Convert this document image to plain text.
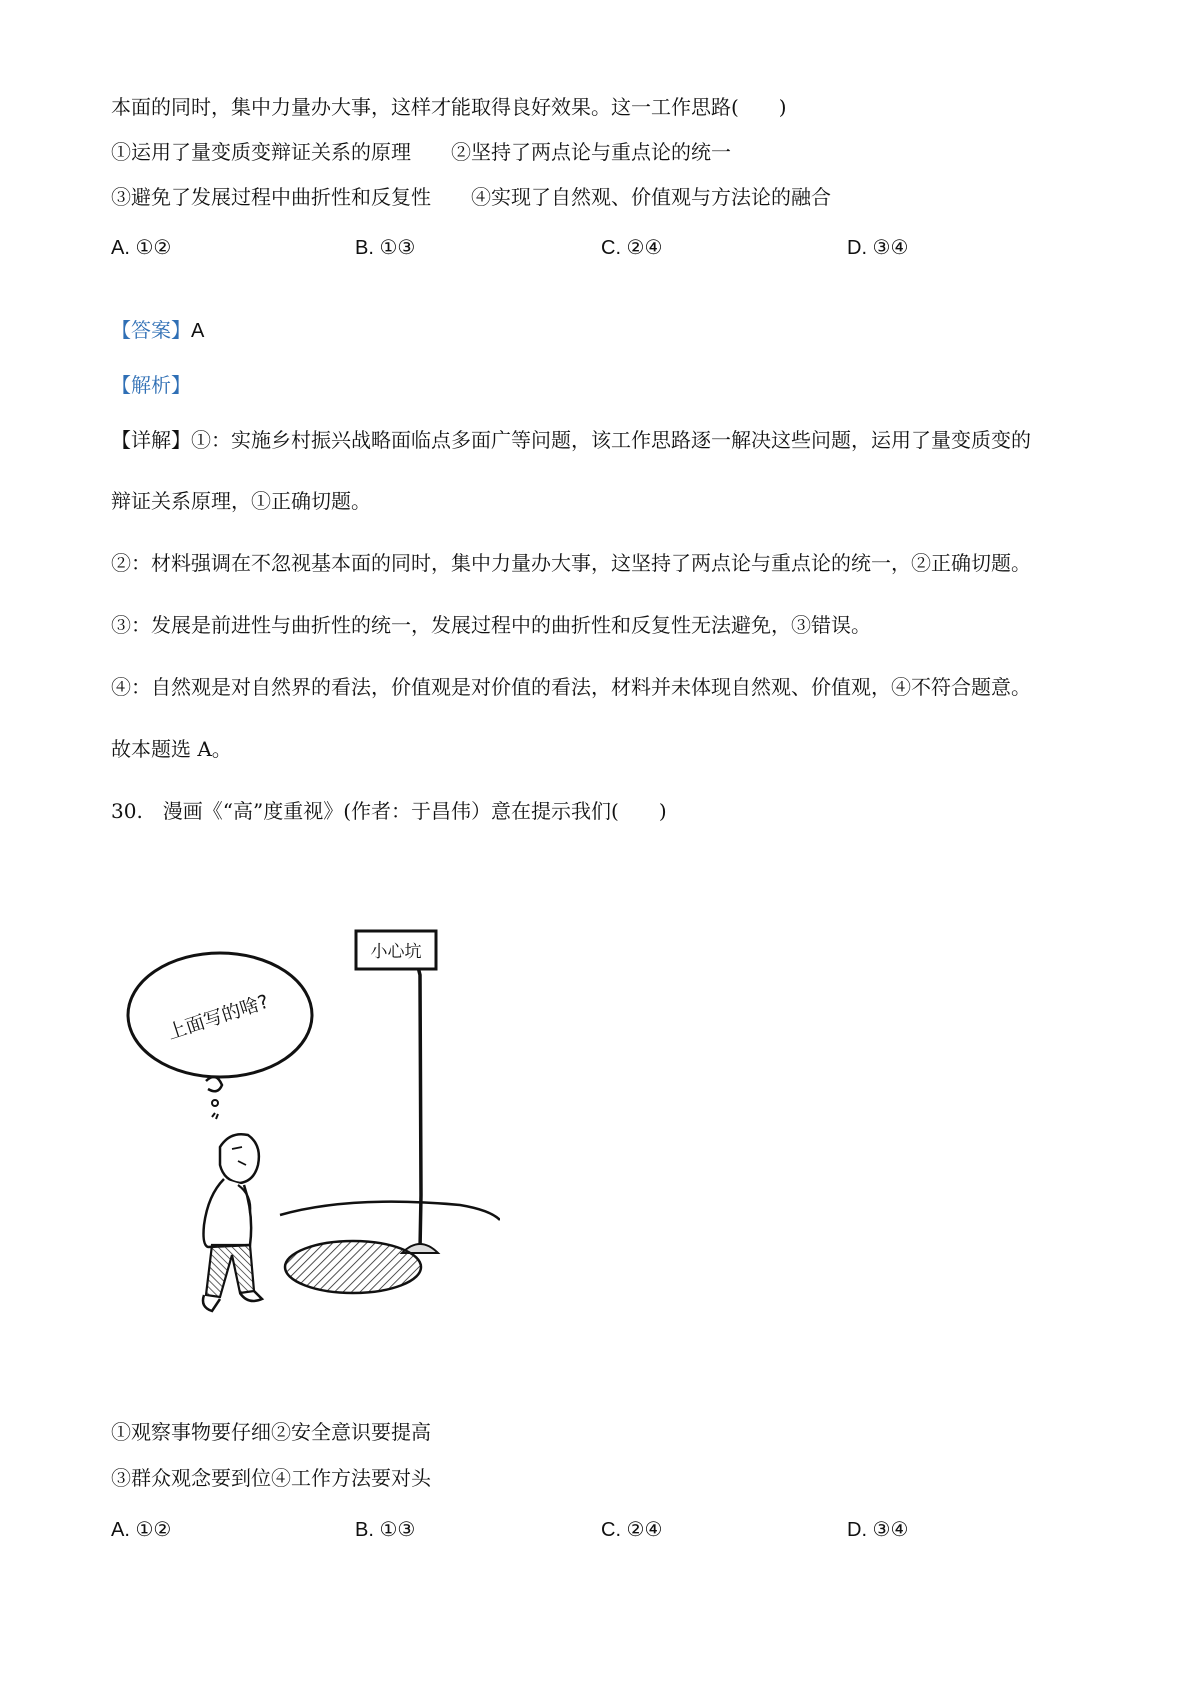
本面的同时，集中力量办大事，这样才能取得良好效果。这一工作思路(　　)
①运用了量变质变辩证关系的原理 ②坚持了两点论与重点论的统一
③避免了发展过程中曲折性和反复性 ④实现了自然观、价值观与方法论的融合
A. ①②	B. ①③	C. ②④	D. ③④
【答案】A
【解析】
【详解】①：实施乡村振兴战略面临点多面广等问题，该工作思路逐一解决这些问题，运用了量变质变的
辩证关系原理，①正确切题。
②：材料强调在不忽视基本面的同时，集中力量办大事，这坚持了两点论与重点论的统一，②正确切题。
③：发展是前进性与曲折性的统一，发展过程中的曲折性和反复性无法避免，③错误。
④：自然观是对自然界的看法，价值观是对价值的看法，材料并未体现自然观、价值观，④不符合题意。
故本题选 A。
30.　漫画《“高”度重视》(作者：于昌伟）意在提示我们(　　)
小心坑
上面写的啥?
①观察事物要仔细②安全意识要提高
③群众观念要到位④工作方法要对头
A. ①②	B. ①③	C. ②④	D. ③④
